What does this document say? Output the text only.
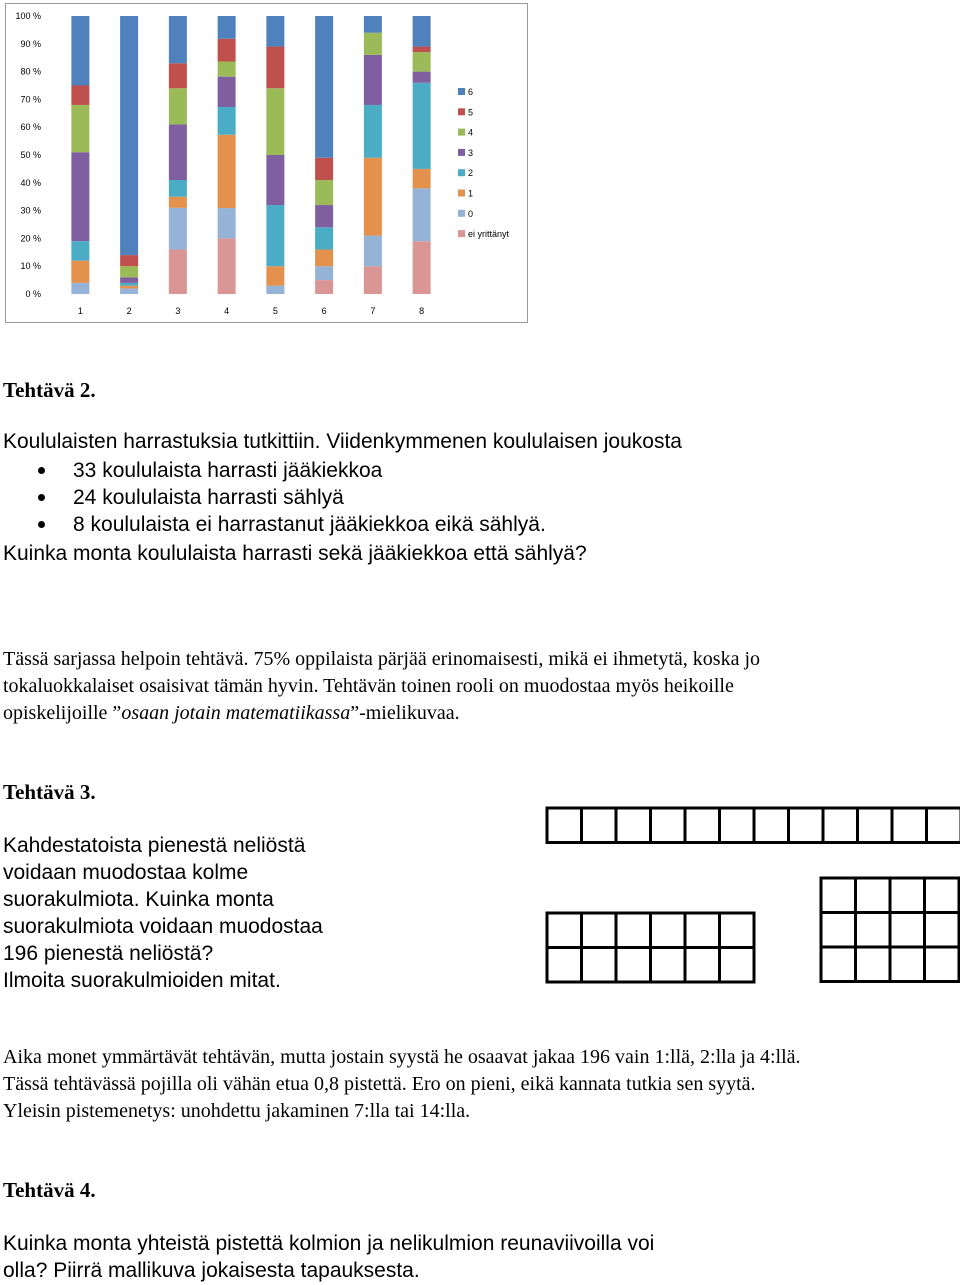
0 %
10 %
20 %
30 %
40 %
50 %
60 %
70 %
80 %
90 %
100 %
1	2	3	4	5	6	7	8
6
5
4
3
2
1
0
ei yrittänyt
Tehtävä 2.
Koululaisten harrastuksia tutkittiin. Viidenkymmenen koululaisen joukosta
33 koululaista harrasti jääkiekkoa
24 koululaista harrasti sählyä
8 koululaista ei harrastanut jääkiekkoa eikä sählyä.
Kuinka monta koululaista harrasti sekä jääkiekkoa että sählyä?

Tässä sarjassa helpoin tehtävä. 75% oppilaista pärjää erinomaisesti, mikä ei ihmetytä, koska jo

tokaluokkalaiset osaisivat tämän hyvin. Tehtävän toinen rooli on muodostaa myös heikoille

opiskelijoille ”osaan jotain matematiikassa”-mielikuvaa.

Tehtävä 3.

Kahdestatoista pienestä neliöstä

voidaan muodostaa kolme

suorakulmiota. Kuinka monta

suorakulmiota voidaan muodostaa

196 pienestä neliöstä?

Ilmoita suorakulmioiden mitat.

Aika monet ymmärtävät tehtävän, mutta jostain syystä he osaavat jakaa 196 vain 1:llä, 2:lla ja 4:llä.

Tässä tehtävässä pojilla oli vähän etua 0,8 pistettä. Ero on pieni, eikä kannata tutkia sen syytä.

Yleisin pistemenetys: unohdettu jakaminen 7:lla tai 14:lla.

Tehtävä 4.

Kuinka monta yhteistä pistettä kolmion ja nelikulmion reunaviivoilla voi

olla? Piirrä mallikuva jokaisesta tapauksesta.
